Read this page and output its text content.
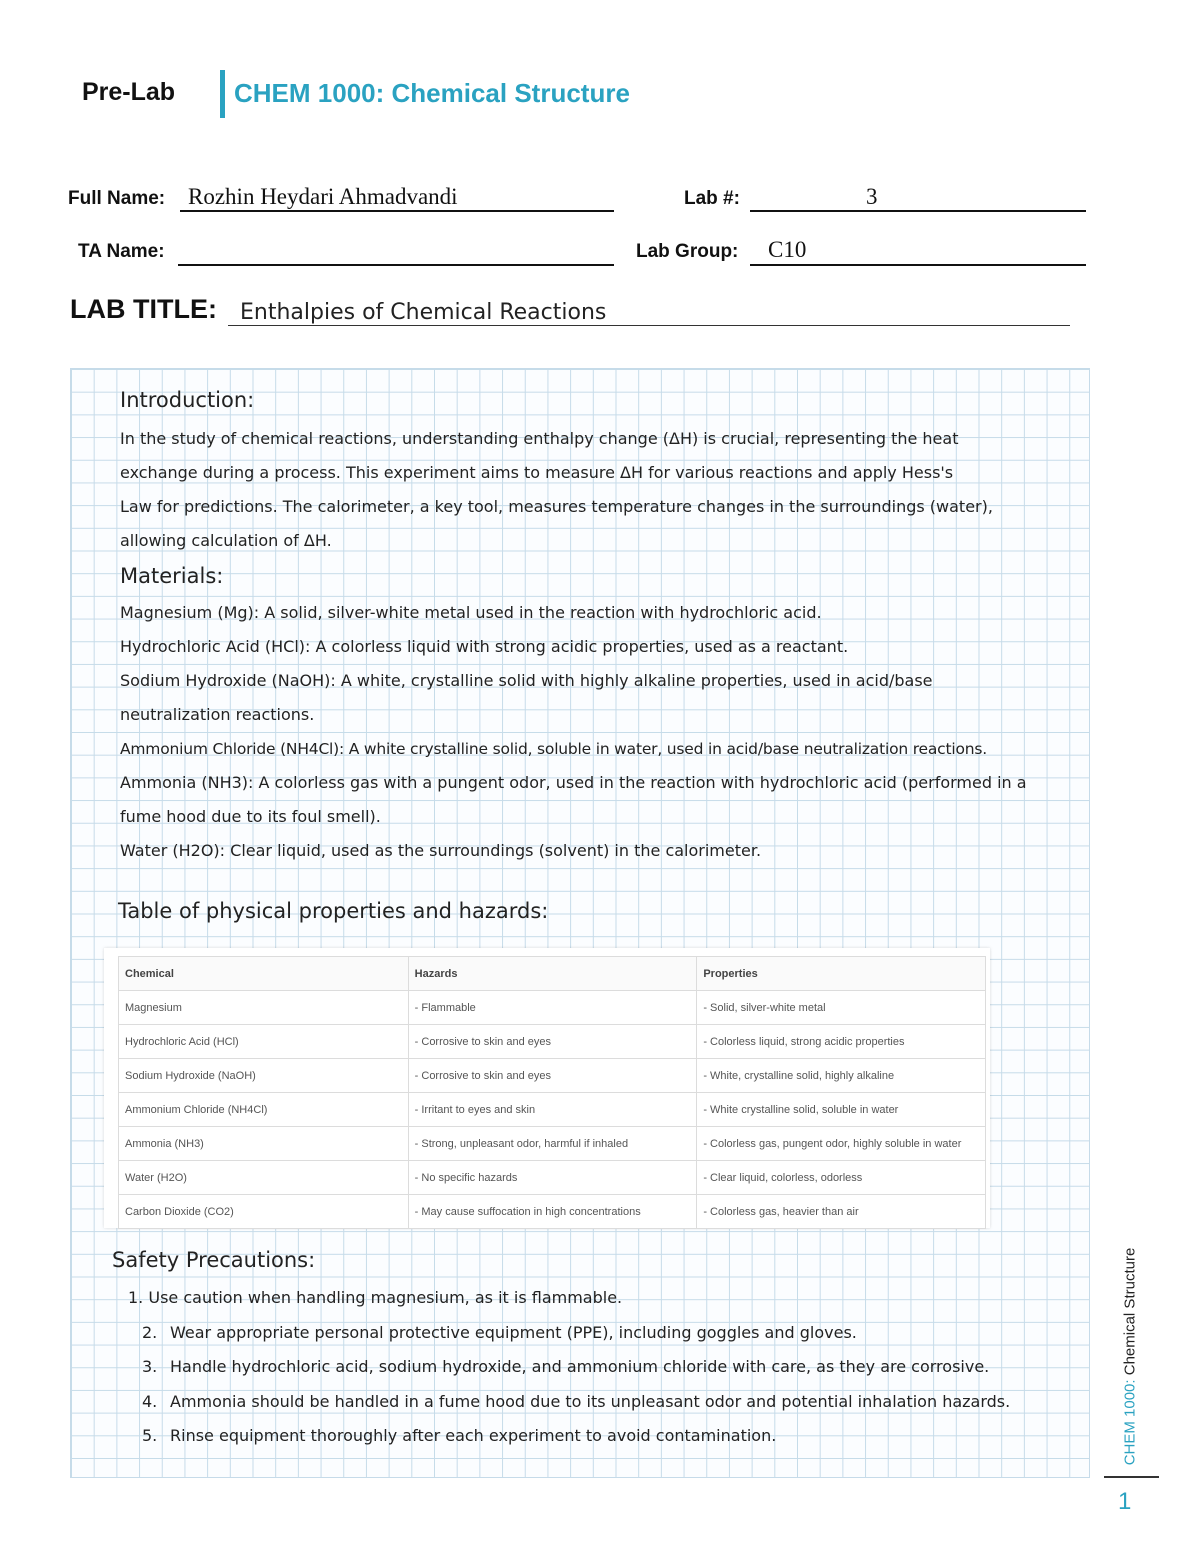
Pre-Lab CHEM 1000: Chemical Structure
Full Name: Rozhin Heydari Ahmadvandi	Lab #:	3
TA Name:	Lab Group: C10
LAB TITLE: Enthalpies of Chemical Reactions
Introduction:
In the study of chemical reactions, understanding enthalpy change (ΔH) is crucial, representing the heat
exchange during a process. This experiment aims to measure ΔH for various reactions and apply Hess's
Law for predictions. The calorimeter, a key tool, measures temperature changes in the surroundings (water),
allowing calculation of ΔH.
Materials:
Magnesium (Mg): A solid, silver-white metal used in the reaction with hydrochloric acid.
Hydrochloric Acid (HCl): A colorless liquid with strong acidic properties, used as a reactant.
Sodium Hydroxide (NaOH): A white, crystalline solid with highly alkaline properties, used in acid/base
neutralization reactions.
Ammonium Chloride (NH4Cl): A white crystalline solid, soluble in water, used in acid/base neutralization reactions.
Ammonia (NH3): A colorless gas with a pungent odor, used in the reaction with hydrochloric acid (performed in a
fume hood due to its foul smell).
Water (H2O): Clear liquid, used as the surroundings (solvent) in the calorimeter.
Table of physical properties and hazards:
Chemical	Hazards	Properties
Magnesium	- Flammable	- Solid, silver-white metal
Hydrochloric Acid (HCl)	- Corrosive to skin and eyes	- Colorless liquid, strong acidic properties
Sodium Hydroxide (NaOH)	- Corrosive to skin and eyes	- White, crystalline solid, highly alkaline
Ammonium Chloride (NH4Cl)	- Irritant to eyes and skin	- White crystalline solid, soluble in water
Ammonia (NH3)	- Strong, unpleasant odor, harmful if inhaled	- Colorless gas, pungent odor, highly soluble in water
Water (H2O)	- No specific hazards	- Clear liquid, colorless, odorless
Carbon Dioxide (CO2)	- May cause suffocation in high concentrations	- Colorless gas, heavier than air
Safety Precautions:
1. Use caution when handling magnesium, as it is flammable.
2. Wear appropriate personal protective equipment (PPE), including goggles and gloves.
3. Handle hydrochloric acid, sodium hydroxide, and ammonium chloride with care, as they are corrosive.
4. Ammonia should be handled in a fume hood due to its unpleasant odor and potential inhalation hazards.
5. Rinse equipment thoroughly after each experiment to avoid contamination.	CHEM 1000: Chemical Structure
1
